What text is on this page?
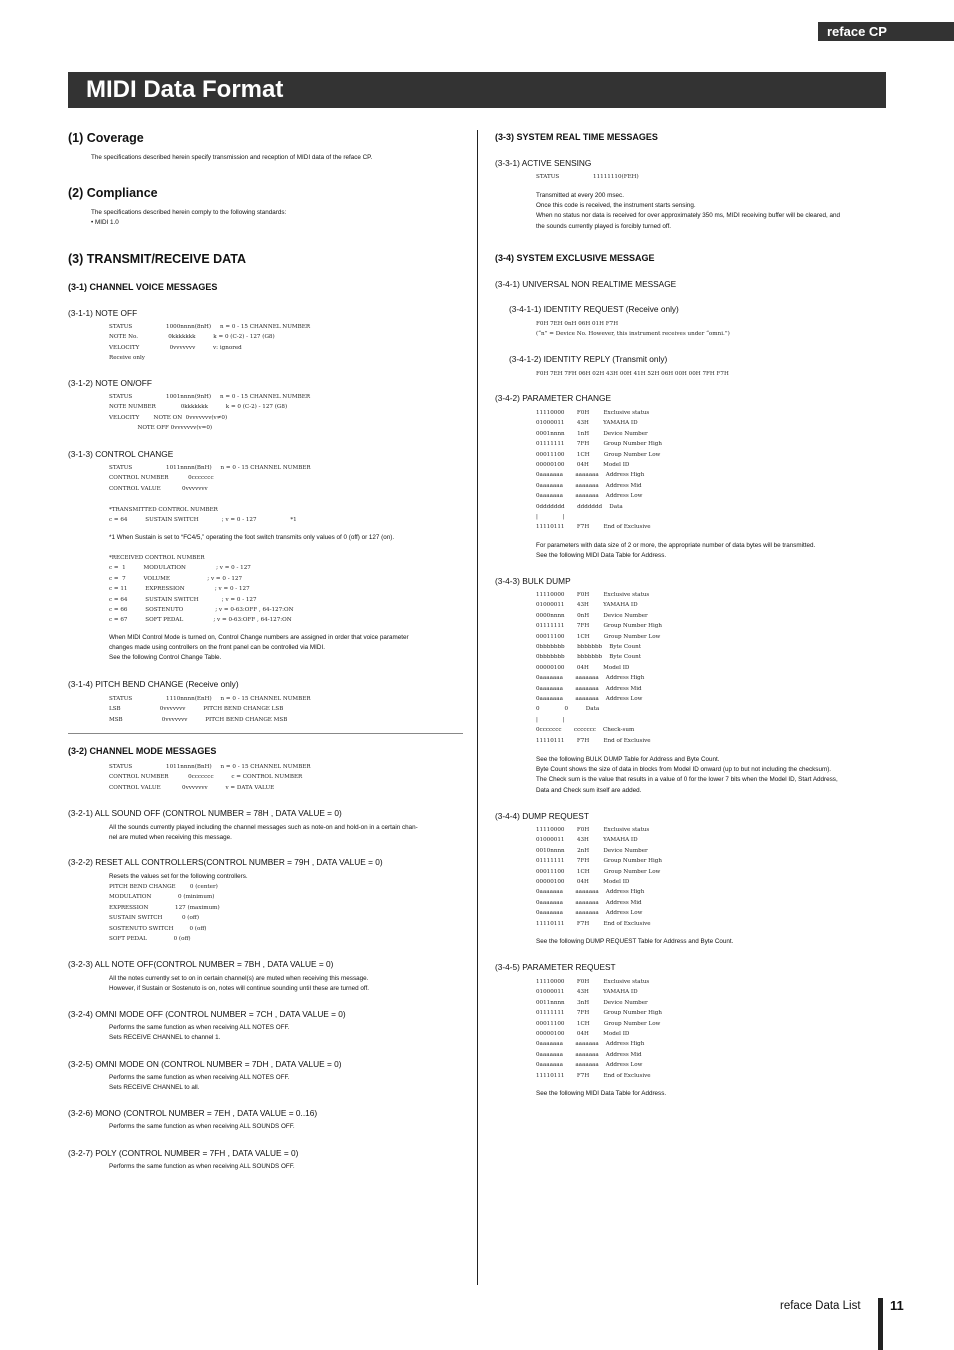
reface CP
MIDI Data Format
(1) Coverage
The specifications described herein specify transmission and reception of MIDI data of the reface CP.
(2) Compliance
The specifications described herein comply to the following standards:
• MIDI 1.0
(3) TRANSMIT/RECEIVE DATA
(3-1) CHANNEL VOICE MESSAGES
(3-1-1) NOTE OFF
STATUS                   1000nnnn(8nH)     n = 0 - 15 CHANNEL NUMBER
NOTE No.                 0kkkkkkk          k = 0 (C-2) - 127 (G8)
VELOCITY                 0vvvvvvv          v: ignored
Receive only
(3-1-2) NOTE ON/OFF
STATUS                   1001nnnn(9nH)     n = 0 - 15 CHANNEL NUMBER
NOTE NUMBER              0kkkkkkk          k = 0 (C-2) - 127 (G8)
VELOCITY        NOTE ON  0vvvvvvv(v≠0)
NOTE OFF 0vvvvvvv(v=0)
(3-1-3) CONTROL CHANGE
STATUS                   1011nnnn(BnH)     n = 0 - 15 CHANNEL NUMBER
CONTROL NUMBER           0ccccccc
CONTROL VALUE            0vvvvvvv

*TRANSMITTED CONTROL NUMBER
c = 64          SUSTAIN SWITCH             ; v = 0 - 127                   *1
*1 When Sustain is set to “FC4/5,” operating the foot switch transmits only values of 0 (off) or 127 (on).
*RECEIVED CONTROL NUMBER
c =  1          MODULATION                 ; v = 0 - 127
c =  7          VOLUME                     ; v = 0 - 127
c = 11          EXPRESSION                 ; v = 0 - 127
c = 64          SUSTAIN SWITCH             ; v = 0 - 127
c = 66          SOSTENUTO                  ; v = 0-63:OFF , 64-127:ON
c = 67          SOFT PEDAL                 ; v = 0-63:OFF , 64-127:ON
When MIDI Control Mode is turned on, Control Change numbers are assigned in order that voice parameter
changes made using controllers on the front panel can be controlled via MIDI.
See the following Control Change Table.
(3-1-4) PITCH BEND CHANGE (Receive only)
STATUS                   1110nnnn(EnH)     n = 0 - 15 CHANNEL NUMBER
LSB                      0vvvvvvv          PITCH BEND CHANGE LSB
MSB                      0vvvvvvv          PITCH BEND CHANGE MSB
(3-2) CHANNEL MODE MESSAGES
STATUS                   1011nnnn(BnH)     n = 0 - 15 CHANNEL NUMBER
CONTROL NUMBER           0ccccccc          c = CONTROL NUMBER
CONTROL VALUE            0vvvvvvv          v = DATA VALUE
(3-2-1) ALL SOUND OFF (CONTROL NUMBER = 78H , DATA VALUE = 0)
All the sounds currently played including the channel messages such as note-on and hold-on in a certain chan-
nel are muted when receiving this message.
(3-2-2) RESET ALL CONTROLLERS(CONTROL NUMBER = 79H , DATA VALUE = 0)
Resets the values set for the following controllers.
PITCH BEND CHANGE        0 (center)
MODULATION               0 (minimum)
EXPRESSION               127 (maximum)
SUSTAIN SWITCH           0 (off)
SOSTENUTO SWITCH         0 (off)
SOFT PEDAL               0 (off)
(3-2-3) ALL NOTE OFF(CONTROL NUMBER = 7BH , DATA VALUE = 0)
All the notes currently set to on in certain channel(s) are muted when receiving this message.
However, if Sustain or Sostenuto is on, notes will continue sounding until these are turned off.
(3-2-4) OMNI MODE OFF (CONTROL NUMBER = 7CH , DATA VALUE = 0)
Performs the same function as when receiving ALL NOTES OFF.
Sets RECEIVE CHANNEL to channel 1.
(3-2-5) OMNI MODE ON (CONTROL NUMBER = 7DH , DATA VALUE = 0)
Performs the same function as when receiving ALL NOTES OFF.
Sets RECEIVE CHANNEL to all.
(3-2-6) MONO (CONTROL NUMBER = 7EH , DATA VALUE = 0..16)
Performs the same function as when receiving ALL SOUNDS OFF.
(3-2-7) POLY (CONTROL NUMBER = 7FH , DATA VALUE = 0)
Performs the same function as when receiving ALL SOUNDS OFF.
(3-3) SYSTEM REAL TIME MESSAGES
(3-3-1) ACTIVE SENSING
STATUS                   11111110(FEH)
Transmitted at every 200 msec.
Once this code is received, the instrument starts sensing.
When no status nor data is received for over approximately 350 ms, MIDI receiving buffer will be cleared, and
the sounds currently played is forcibly turned off.
(3-4) SYSTEM EXCLUSIVE MESSAGE
(3-4-1) UNIVERSAL NON REALTIME MESSAGE
(3-4-1-1) IDENTITY REQUEST (Receive only)
F0H 7EH 0nH 06H 01H F7H
(“n” = Device No. However, this instrument receives under “omni.”)
(3-4-1-2) IDENTITY REPLY (Transmit only)
F0H 7EH 7FH 06H 02H 43H 00H 41H 52H 06H 00H 00H 7FH F7H
(3-4-2) PARAMETER CHANGE
11110000       F0H        Exclusive status
01000011       43H        YAMAHA ID
0001nnnn       1nH        Device Number
01111111       7FH        Group Number High
00011100       1CH        Group Number Low
00000100       04H        Model ID
0aaaaaaa       aaaaaaa    Address High
0aaaaaaa       aaaaaaa    Address Mid
0aaaaaaa       aaaaaaa    Address Low
0ddddddd       ddddddd    Data
|              |
11110111       F7H        End of Exclusive
For parameters with data size of 2 or more, the appropriate number of data bytes will be transmitted.
See the following MIDI Data Table for Address.
(3-4-3) BULK DUMP
11110000       F0H        Exclusive status
01000011       43H        YAMAHA ID
0000nnnn       0nH        Device Number
01111111       7FH        Group Number High
00011100       1CH        Group Number Low
0bbbbbbb       bbbbbbb    Byte Count
0bbbbbbb       bbbbbbb    Byte Count
00000100       04H        Model ID
0aaaaaaa       aaaaaaa    Address High
0aaaaaaa       aaaaaaa    Address Mid
0aaaaaaa       aaaaaaa    Address Low
0              0          Data
|              |
0ccccccc       ccccccc    Check-sum
11110111       F7H        End of Exclusive
See the following BULK DUMP Table for Address and Byte Count.
Byte Count shows the size of data in blocks from Model ID onward (up to but not including the checksum).
The Check sum is the value that results in a value of 0 for the lower 7 bits when the Model ID, Start Address,
Data and Check sum itself are added.
(3-4-4) DUMP REQUEST
11110000       F0H        Exclusive status
01000011       43H        YAMAHA ID
0010nnnn       2nH        Device Number
01111111       7FH        Group Number High
00011100       1CH        Group Number Low
00000100       04H        Model ID
0aaaaaaa       aaaaaaa    Address High
0aaaaaaa       aaaaaaa    Address Mid
0aaaaaaa       aaaaaaa    Address Low
11110111       F7H        End of Exclusive
See the following DUMP REQUEST Table for Address and Byte Count.
(3-4-5) PARAMETER REQUEST
11110000       F0H        Exclusive status
01000011       43H        YAMAHA ID
0011nnnn       3nH        Device Number
01111111       7FH        Group Number High
00011100       1CH        Group Number Low
00000100       04H        Model ID
0aaaaaaa       aaaaaaa    Address High
0aaaaaaa       aaaaaaa    Address Mid
0aaaaaaa       aaaaaaa    Address Low
11110111       F7H        End of Exclusive
See the following MIDI Data Table for Address.
reface Data List 11
